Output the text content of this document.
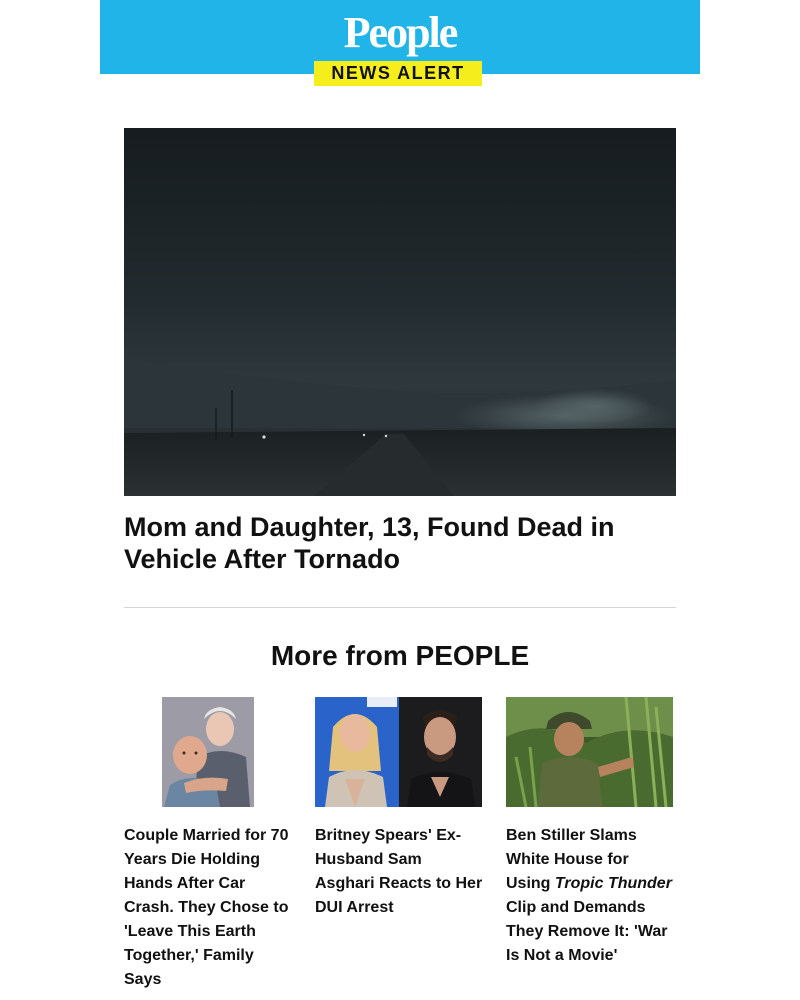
People
NEWS ALERT
Mom and Daughter, 13, Found Dead in Vehicle After Tornado
More from PEOPLE
Couple Married for 70 Years Die Holding Hands After Car Crash. They Chose to 'Leave This Earth Together,' Family Says
Britney Spears' Ex-Husband Sam Asghari Reacts to Her DUI Arrest
Ben Stiller Slams White House for Using Tropic Thunder Clip and Demands They Remove It: 'War Is Not a Movie'
